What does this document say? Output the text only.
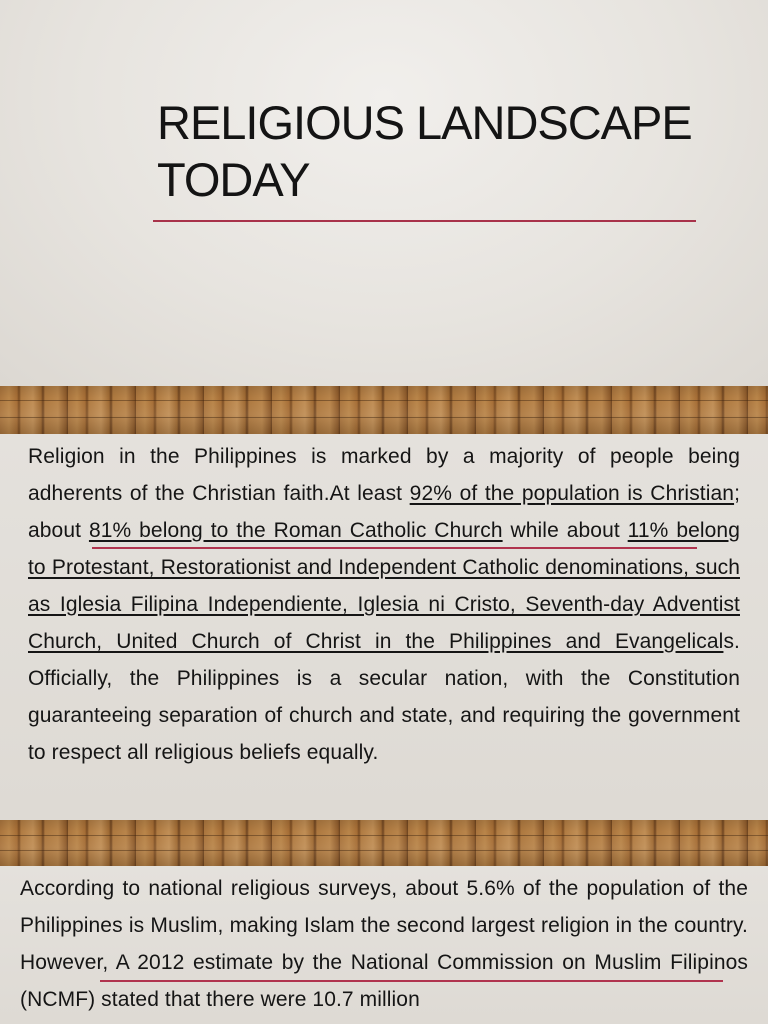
RELIGIOUS LANDSCAPE TODAY

Religion in the Philippines is marked by a majority of people being adherents of the Christian faith.At least 92% of the population is Christian; about 81% belong to the Roman Catholic Church while about 11% belong to Protestant, Restorationist and Independent Catholic denominations, such as Iglesia Filipina Independiente, Iglesia ni Cristo, Seventh-day Adventist Church, United Church of Christ in the Philippines and Evangelicals. Officially, the Philippines is a secular nation, with the Constitution guaranteeing separation of church and state, and requiring the government to respect all religious beliefs equally.

According to national religious surveys, about 5.6% of the population of the Philippines is Muslim, making Islam the second largest religion in the country. However, A 2012 estimate by the National Commission on Muslim Filipinos (NCMF) stated that there were 10.7 million
